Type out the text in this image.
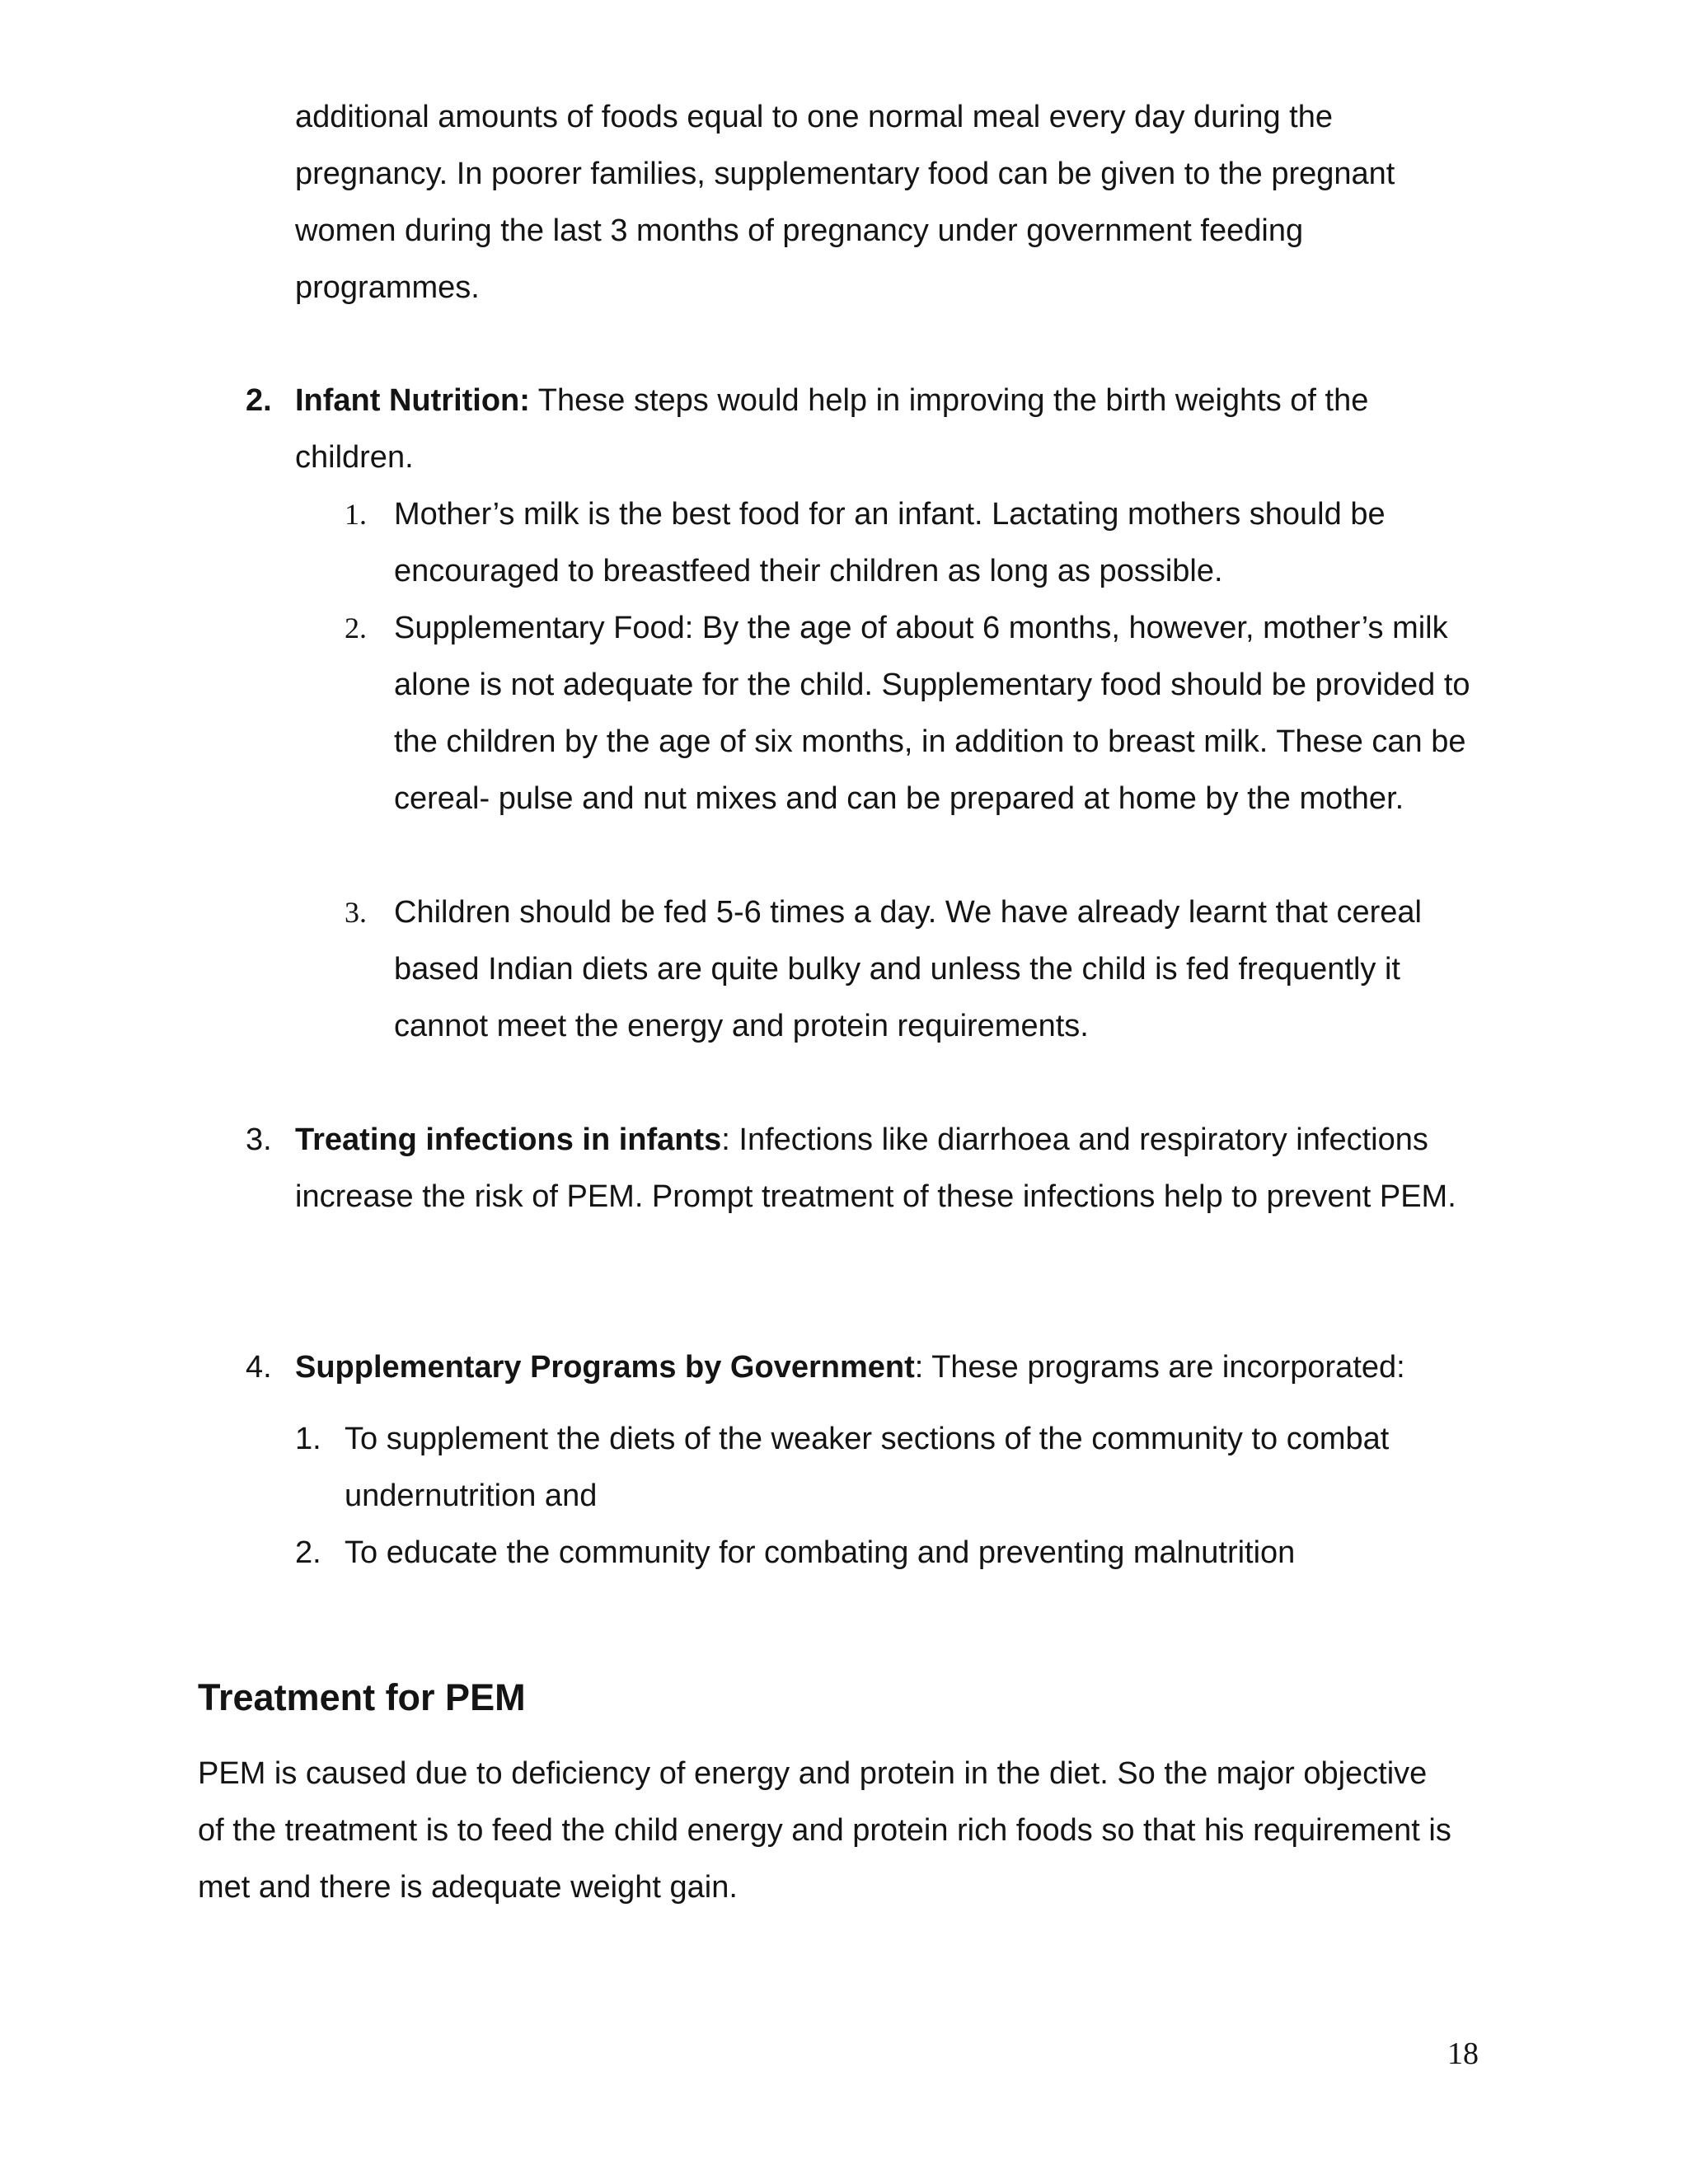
additional amounts of foods equal to one normal meal every day during the pregnancy. In poorer families, supplementary food can be given to the pregnant women during the last 3 months of pregnancy under government feeding programmes.

2. Infant Nutrition: These steps would help in improving the birth weights of the children.

1. Mother’s milk is the best food for an infant. Lactating mothers should be encouraged to breastfeed their children as long as possible.

2. Supplementary Food: By the age of about 6 months, however, mother’s milk alone is not adequate for the child. Supplementary food should be provided to the children by the age of six months, in addition to breast milk. These can be cereal- pulse and nut mixes and can be prepared at home by the mother.

3. Children should be fed 5-6 times a day. We have already learnt that cereal based Indian diets are quite bulky and unless the child is fed frequently it cannot meet the energy and protein requirements.

3. Treating infections in infants: Infections like diarrhoea and respiratory infections increase the risk of PEM. Prompt treatment of these infections help to prevent PEM.

4. Supplementary Programs by Government: These programs are incorporated:

1. To supplement the diets of the weaker sections of the community to combat undernutrition and

2. To educate the community for combating and preventing malnutrition

Treatment for PEM

PEM is caused due to deficiency of energy and protein in the diet. So the major objective of the treatment is to feed the child energy and protein rich foods so that his requirement is met and there is adequate weight gain.

18
